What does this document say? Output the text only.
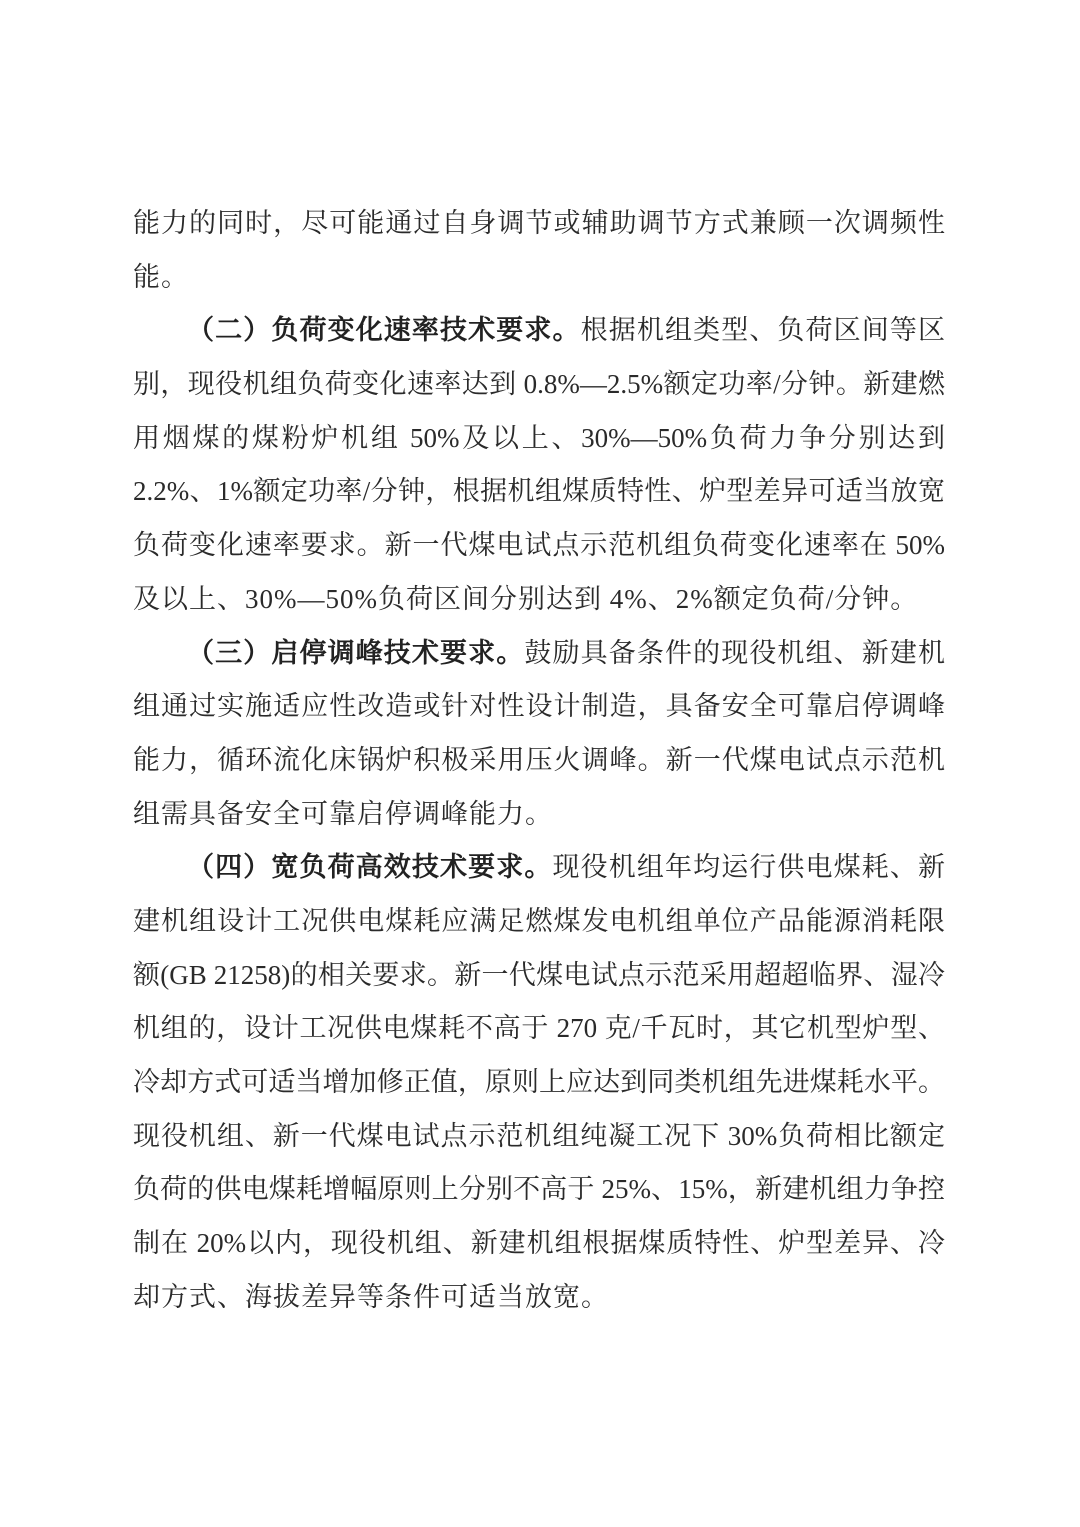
能力的同时，尽可能通过自身调节或辅助调节方式兼顾一次调频性
能。
（二）负荷变化速率技术要求。根据机组类型、负荷区间等区
别，现役机组负荷变化速率达到 0.8%—2.5%额定功率/分钟。新建燃
用烟煤的煤粉炉机组 50%及以上、30%—50%负荷力争分别达到
2.2%、1%额定功率/分钟，根据机组煤质特性、炉型差异可适当放宽
负荷变化速率要求。新一代煤电试点示范机组负荷变化速率在 50%
及以上、30%—50%负荷区间分别达到 4%、2%额定负荷/分钟。
（三）启停调峰技术要求。鼓励具备条件的现役机组、新建机
组通过实施适应性改造或针对性设计制造，具备安全可靠启停调峰
能力，循环流化床锅炉积极采用压火调峰。新一代煤电试点示范机
组需具备安全可靠启停调峰能力。
（四）宽负荷高效技术要求。现役机组年均运行供电煤耗、新
建机组设计工况供电煤耗应满足燃煤发电机组单位产品能源消耗限
额(GB 21258)的相关要求。新一代煤电试点示范采用超超临界、湿冷
机组的，设计工况供电煤耗不高于 270 克/千瓦时，其它机型炉型、
冷却方式可适当增加修正值，原则上应达到同类机组先进煤耗水平。
现役机组、新一代煤电试点示范机组纯凝工况下 30%负荷相比额定
负荷的供电煤耗增幅原则上分别不高于 25%、15%，新建机组力争控
制在 20%以内，现役机组、新建机组根据煤质特性、炉型差异、冷
却方式、海拔差异等条件可适当放宽。
